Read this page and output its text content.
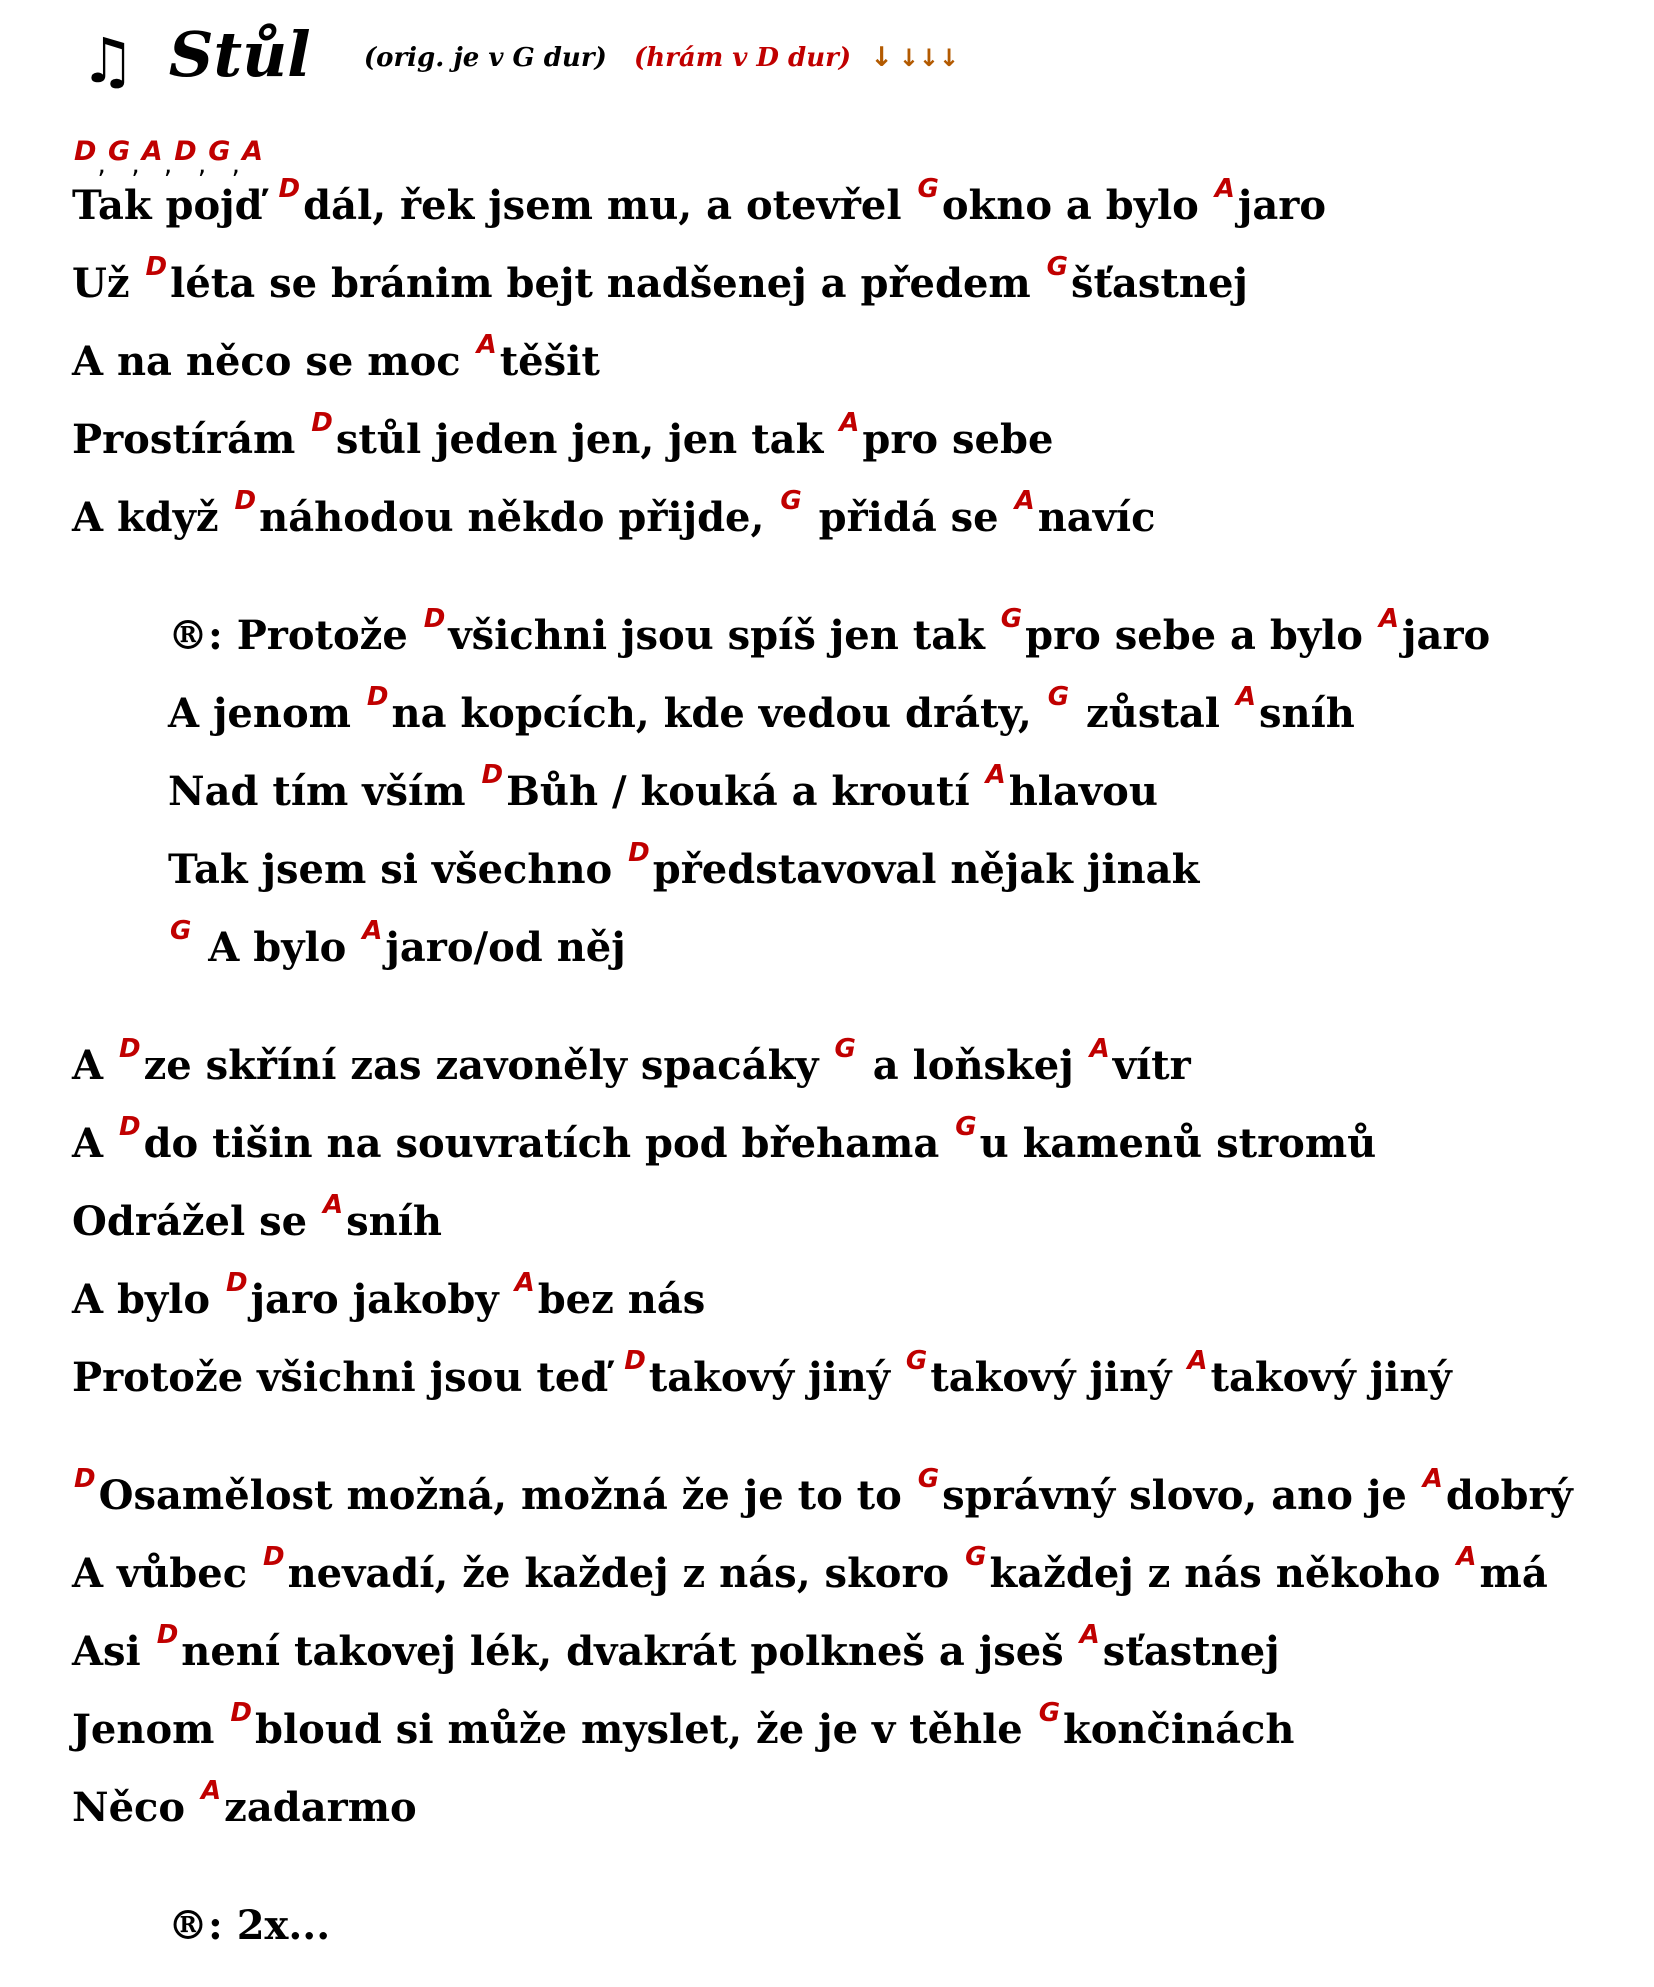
♫ Stůl (orig. je v G dur) (hrám v D dur) ↓ ↓↓↓
D , G , A , D , G , A
Tak pojď $^D$dál, řek jsem mu, a otevřel $^G$okno a bylo $^A$jaro
Už $^D$léta se bránim bejt nadšenej a předem $^G$šťastnej
A na něco se moc $^A$těšit
Prostírám $^D$stůl jeden jen, jen tak $^A$pro sebe
A když $^D$náhodou někdo přijde, $^G$ přidá se $^A$navíc
®: Protože $^D$všichni jsou spíš jen tak $^G$pro sebe a bylo $^A$jaro
A jenom $^D$na kopcích, kde vedou dráty, $^G$ zůstal $^A$sníh
Nad tím vším $^D$Bůh / kouká a kroutí $^A$hlavou
Tak jsem si všechno $^D$představoval nějak jinak
$^G$ A bylo $^A$jaro/od něj
A $^D$ze skříní zas zavoněly spacáky $^G$ a loňskej $^A$vítr
A $^D$do tišin na souvratích pod břehama $^G$u kamenů stromů
Odrážel se $^A$sníh
A bylo $^D$jaro jakoby $^A$bez nás
Protože všichni jsou teď $^D$takový jiný $^G$takový jiný $^A$takový jiný
$^D$Osamělost možná, možná že je to to $^G$správný slovo, ano je $^A$dobrý
A vůbec $^D$nevadí, že každej z nás, skoro $^G$každej z nás někoho $^A$má
Asi $^D$není takovej lék, dvakrát polkneš a jseš $^A$sťastnej
Jenom $^D$bloud si může myslet, že je v těhle $^G$končinách
Něco $^A$zadarmo
®: 2x...
